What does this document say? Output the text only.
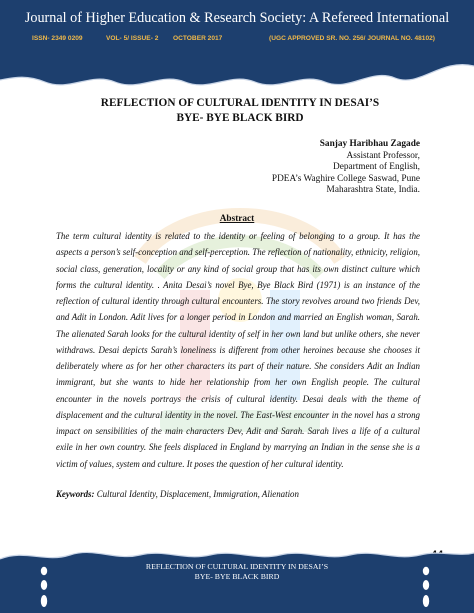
Journal of Higher Education & Research Society: A Refereed International
ISSN- 2349 0209	VOL- 5/ ISSUE- 2 OCTOBER 2017	(UGC APPROVED SR. NO. 256/ JOURNAL NO. 48102)
REFLECTION OF CULTURAL IDENTITY IN DESAI’S
BYE- BYE BLACK BIRD
Sanjay Haribhau Zagade
Assistant Professor,
Department of English,
PDEA’s Waghire College Saswad, Pune
Maharashtra State, India.
Abstract
The term cultural identity is related to the identity or feeling of belonging to a group. It has the aspects a person’s self-conception and self-perception. The reflection of nationality, ethnicity, religion, social class, generation, locality or any kind of social group that has its own distinct culture which forms the cultural identity. . Anita Desai’s novel Bye, Bye Black Bird (1971) is an instance of the reflection of cultural identity through cultural encounters. The story revolves around two friends Dev, and Adit in London. Adit lives for a longer period in London and married an English woman, Sarah. The alienated Sarah looks for the cultural identity of self in her own land but unlike others, she never withdraws. Desai depicts Sarah’s loneliness is different from other heroines because she chooses it deliberately where as for her other characters its part of their nature. She considers Adit an Indian immigrant, but she wants to hide her relationship from her own English people. The cultural encounter in the novels portrays the crisis of cultural identity. Desai deals with the theme of displacement and the cultural identity in the novel. The East-West encounter in the novel has a strong impact on sensibilities of the main characters Dev, Adit and Sarah. Sarah lives a life of a cultural exile in her own country. She feels displaced in England by marrying an Indian in the sense she is a victim of values, system and culture. It poses the question of her cultural identity.
Keywords: Cultural Identity, Displacement, Immigration, Alienation
REFLECTION OF CULTURAL IDENTITY IN DESAI’S
BYE- BYE BLACK BIRD
